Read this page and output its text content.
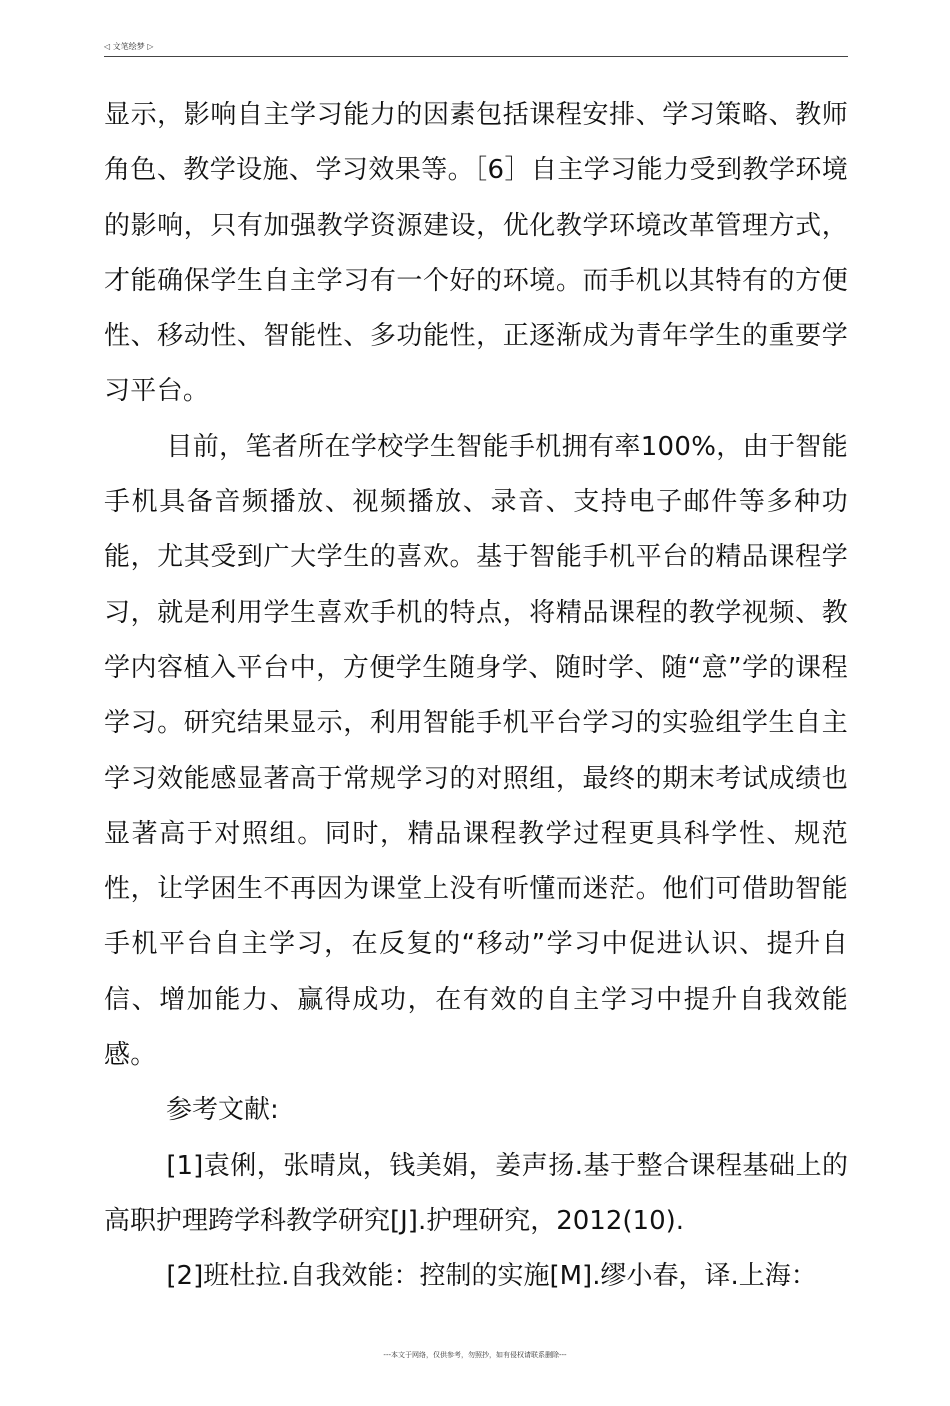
◁ 文笔绘梦 ▷

显示，影响自主学习能力的因素包括课程安排、学习策略、教师角色、教学设施、学习效果等。［6］自主学习能力受到教学环境的影响，只有加强教学资源建设，优化教学环境改革管理方式，才能确保学生自主学习有一个好的环境。而手机以其特有的方便性、移动性、智能性、多功能性，正逐渐成为青年学生的重要学习平台。

目前，笔者所在学校学生智能手机拥有率100%，由于智能手机具备音频播放、视频播放、录音、支持电子邮件等多种功能，尤其受到广大学生的喜欢。基于智能手机平台的精品课程学习，就是利用学生喜欢手机的特点，将精品课程的教学视频、教学内容植入平台中，方便学生随身学、随时学、随“意”学的课程学习。研究结果显示，利用智能手机平台学习的实验组学生自主学习效能感显著高于常规学习的对照组，最终的期末考试成绩也显著高于对照组。同时，精品课程教学过程更具科学性、规范性，让学困生不再因为课堂上没有听懂而迷茫。他们可借助智能手机平台自主学习，在反复的“移动”学习中促进认识、提升自信、增加能力、赢得成功，在有效的自主学习中提升自我效能感。

参考文献:

[1]袁俐，张晴岚，钱美娟，姜声扬.基于整合课程基础上的高职护理跨学科教学研究[J].护理研究，2012(10).

[2]班杜拉.自我效能：控制的实施[M].缪小春，译.上海：

---本文于网络，仅供参考，勿照抄，如有侵权请联系删除---
